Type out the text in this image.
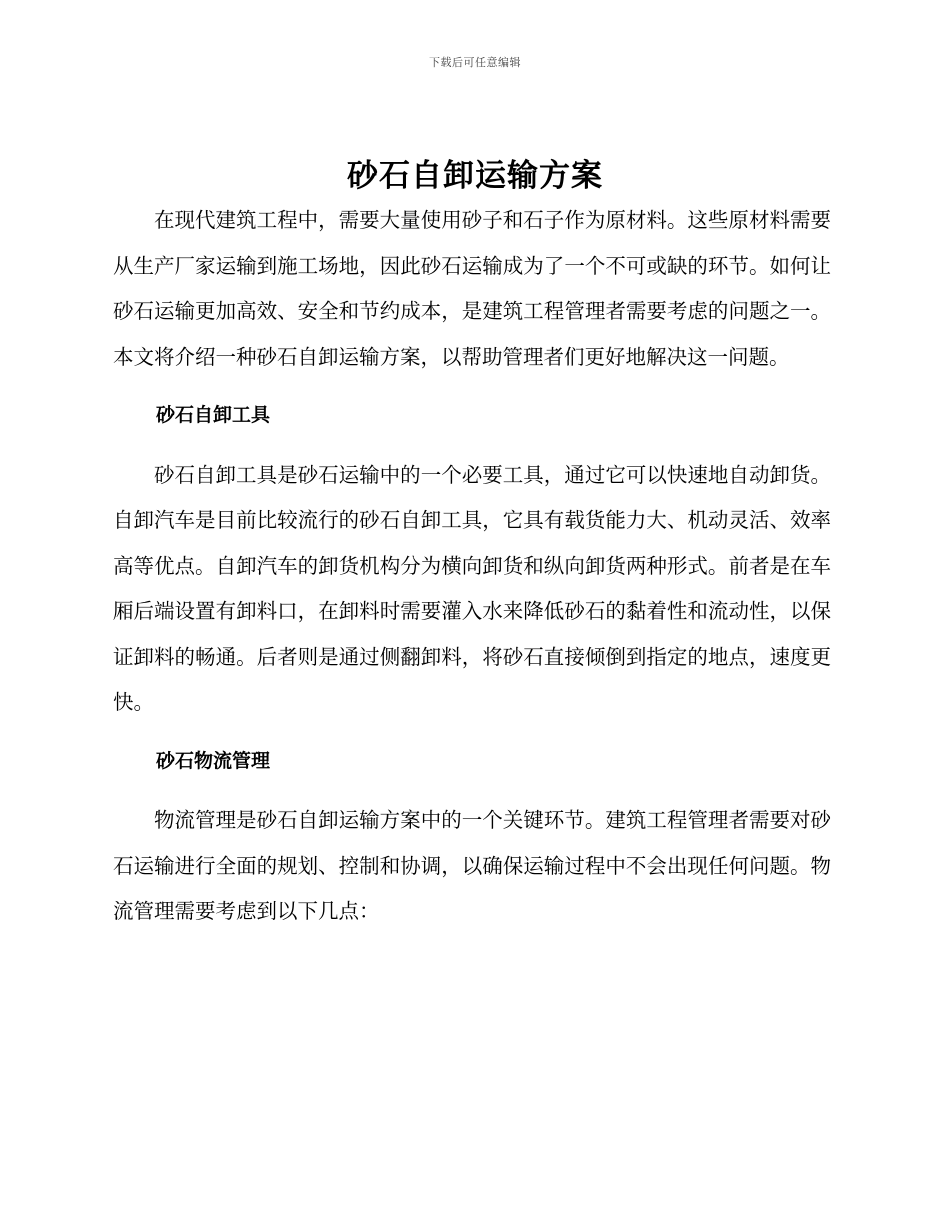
下载后可任意编辑
砂石自卸运输方案

在现代建筑工程中，需要大量使用砂子和石子作为原材料。这些原材料需要从生产厂家运输到施工场地，因此砂石运输成为了一个不可或缺的环节。如何让砂石运输更加高效、安全和节约成本，是建筑工程管理者需要考虑的问题之一。本文将介绍一种砂石自卸运输方案，以帮助管理者们更好地解决这一问题。

砂石自卸工具

砂石自卸工具是砂石运输中的一个必要工具，通过它可以快速地自动卸货。自卸汽车是目前比较流行的砂石自卸工具，它具有载货能力大、机动灵活、效率高等优点。自卸汽车的卸货机构分为横向卸货和纵向卸货两种形式。前者是在车厢后端设置有卸料口，在卸料时需要灌入水来降低砂石的黏着性和流动性，以保证卸料的畅通。后者则是通过侧翻卸料，将砂石直接倾倒到指定的地点，速度更快。

砂石物流管理

物流管理是砂石自卸运输方案中的一个关键环节。建筑工程管理者需要对砂石运输进行全面的规划、控制和协调，以确保运输过程中不会出现任何问题。物流管理需要考虑到以下几点：
